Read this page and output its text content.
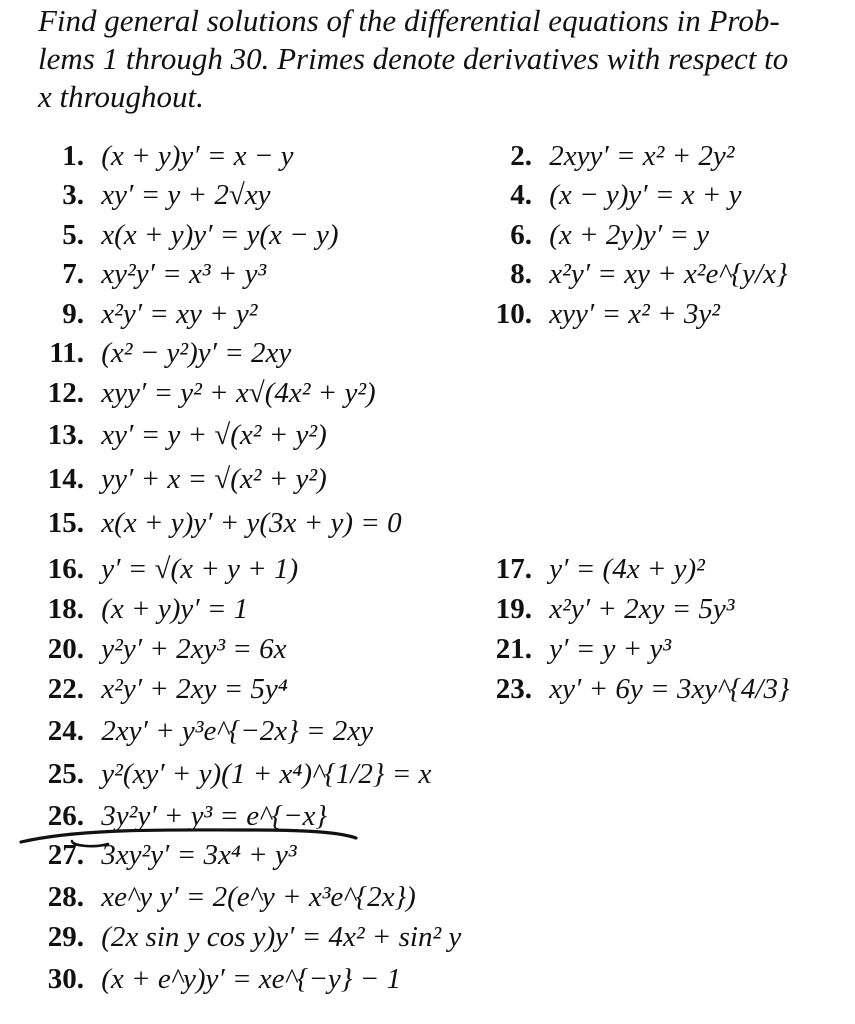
Find general solutions of the differential equations in Prob-
lems 1 through 30. Primes denote derivatives with respect to
x throughout.
1. (x + y)y′ = x − y	2. 2xyy′ = x² + 2y²
3. xy′ = y + 2√xy	4. (x − y)y′ = x + y
5. x(x + y)y′ = y(x − y)	6. (x + 2y)y′ = y
7. xy²y′ = x³ + y³	8. x²y′ = xy + x²e^{y/x}
9. x²y′ = xy + y²	10. xyy′ = x² + 3y²
11. (x² − y²)y′ = 2xy
12. xyy′ = y² + x√(4x² + y²)
13. xy′ = y + √(x² + y²)
14. yy′ + x = √(x² + y²)
15. x(x + y)y′ + y(3x + y) = 0
16. y′ = √(x + y + 1)	17. y′ = (4x + y)²
18. (x + y)y′ = 1	19. x²y′ + 2xy = 5y³
20. y²y′ + 2xy³ = 6x	21. y′ = y + y³
22. x²y′ + 2xy = 5y⁴	23. xy′ + 6y = 3xy^{4/3}
24. 2xy′ + y³e^{−2x} = 2xy
25. y²(xy′ + y)(1 + x⁴)^{1/2} = x
26. 3y²y′ + y³ = e^{−x}
27. 3xy²y′ = 3x⁴ + y³
28. xe^y y′ = 2(e^y + x³e^{2x})
29. (2x sin y cos y)y′ = 4x² + sin² y
30. (x + e^y)y′ = xe^{−y} − 1
